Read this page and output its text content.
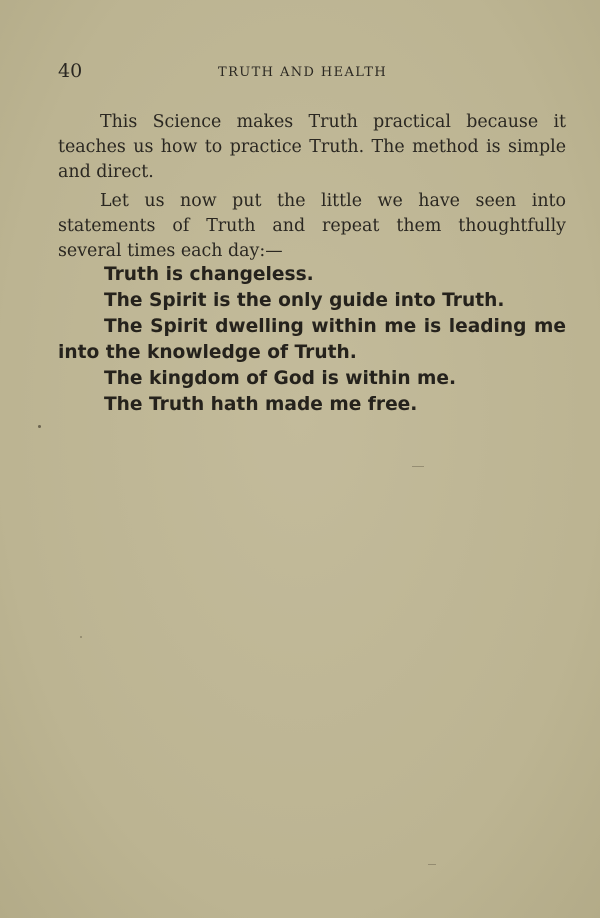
40	TRUTH AND HEALTH

This Science makes Truth practical because it teaches us how to practice Truth. The method is simple and direct.

Let us now put the little we have seen into statements of Truth and repeat them thoughtfully several times each day:—

Truth is changeless.
The Spirit is the only guide into Truth.
The Spirit dwelling within me is leading me into the knowledge of Truth.
The kingdom of God is within me.
The Truth hath made me free.
